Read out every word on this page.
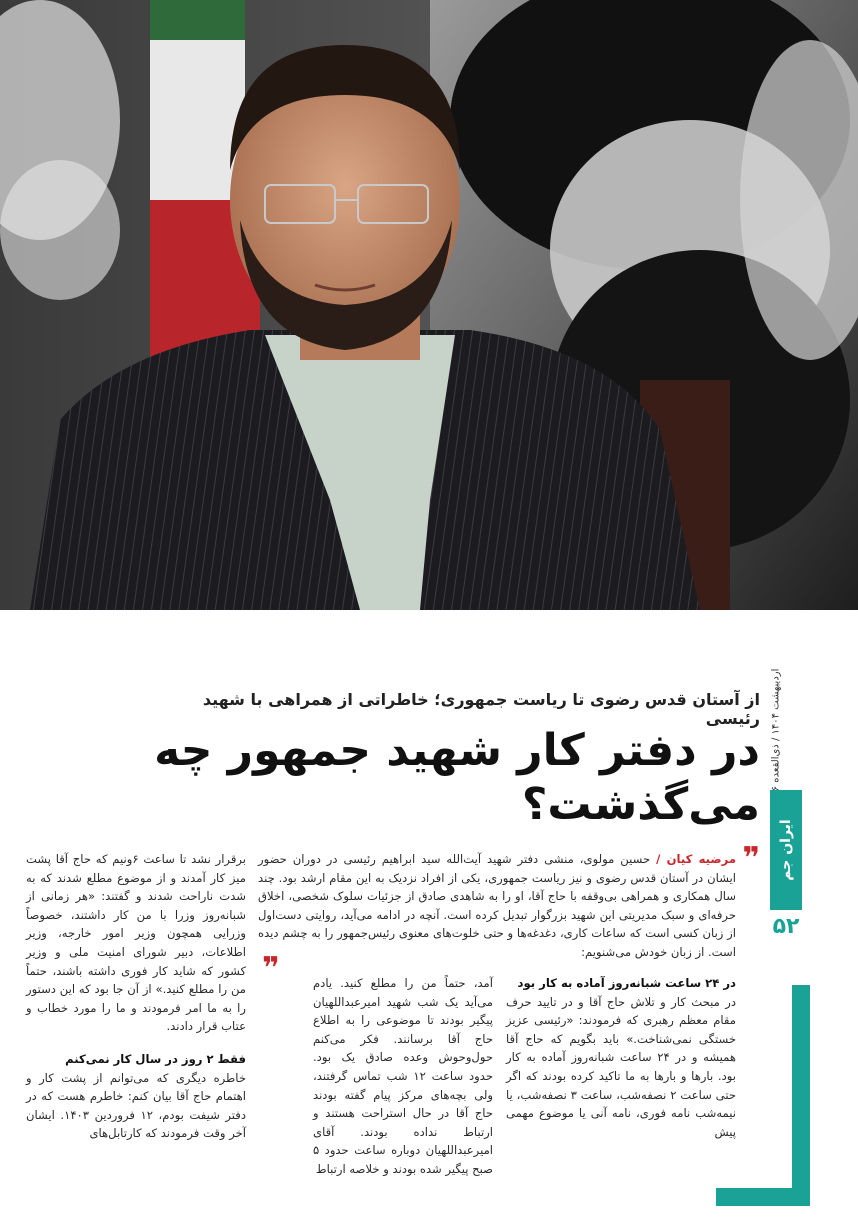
اردیبهشت ۱۴۰۴ / ذی‌القعده
ایران جم
۵۲
از آستان قدس رضوی تا ریاست جمهوری؛ خاطراتی از همراهی با شهید رئیسی
در دفتر کار شهید جمهور چه
می‌گذشت؟
❞
مرضیه کیان / حسین مولوی، منشی دفتر شهید آیت‌الله سید ابراهیم رئیسی در دوران حضور ایشان در آستان قدس رضوی و نیز ریاست جمهوری، یکی از افراد نزدیک به این مقام ارشد بود. چند سال همکاری و همراهی بی‌وقفه با حاج آقا، او را به شاهدی صادق از جزئیات سلوک شخصی، اخلاق حرفه‌ای و سبک مدیریتی این شهید بزرگوار تبدیل کرده است. آنچه در ادامه می‌آید، روایتی دست‌اول از زبان کسی است که ساعات کاری، دغدغه‌ها و حتی خلوت‌های معنوی رئیس‌جمهور را به چشم دیده است. از زبان خودش می‌شنویم:
❞	در ۲۴ ساعت شبانه‌روز آماده به کار بود

در مبحث کار و تلاش حاج آقا و در تایید حرف مقام معظم رهبری که فرمودند: «رئیسی عزیز خستگی نمی‌شناخت.» باید بگویم که حاج آقا همیشه و در ۲۴ ساعت شبانه‌روز آماده به کار بود. بارها و بارها به ما تاکید کرده بودند که اگر حتی ساعت ۲ نصفه‌شب، ساعت ۳ نصفه‌شب، یا نیمه‌شب نامه فوری، نامه آنی یا موضوع مهمی پیش

آمد، حتماً من را مطلع کنید. یادم می‌آید یک شب شهید امیرعبداللهیان پیگیر بودند تا موضوعی را به اطلاع حاج آقا برسانند. فکر می‌کنم حول‌وحوش وعده صادق یک بود. حدود ساعت ۱۲ شب تماس گرفتند، ولی بچه‌های مرکز پیام گفته بودند حاج آقا در حال استراحت هستند و ارتباط نداده بودند. آقای امیرعبداللهیان دوباره ساعت حدود ۵ صبح پیگیر شده بودند و خلاصه ارتباط

برقرار نشد تا ساعت ۶ونیم که حاج آقا پشت میز کار آمدند و از موضوع مطلع شدند که به شدت ناراحت شدند و گفتند: «هر زمانی از شبانه‌روز وزرا با من کار داشتند، خصوصاً وزرایی همچون وزیر امور خارجه، وزیر اطلاعات، دبیر شورای امنیت ملی و وزیر کشور که شاید کار فوری داشته باشند، حتماً من را مطلع کنید.» از آن جا بود که این دستور را به ما امر فرمودند و ما را مورد خطاب و عتاب قرار دادند.

فقط ۲ روز در سال کار نمی‌کنم

خاطره دیگری که می‌توانم از پشت کار و اهتمام حاج آقا بیان کنم: خاطرم هست که در دفتر شیفت بودم، ۱۲ فروردین ۱۴۰۳. ایشان آخر وقت فرمودند که کارتابل‌های
